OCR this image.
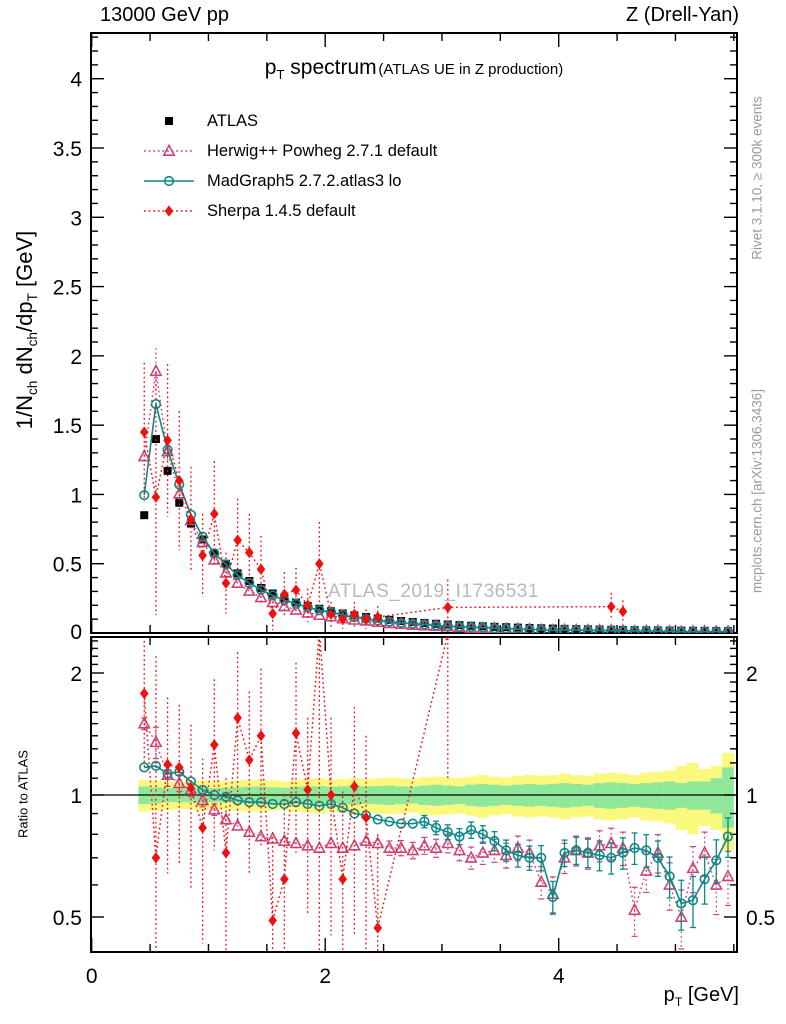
0.5
1
1.5
2
2.5
3
3.5
4
0
2	2
1	1
0.5	0.5
0	2	4
13000 GeV pp	Z (Drell-Yan)
$p_T$ spectrum  (ATLAS UE in Z production)
ATLAS
Herwig++ Powheg 2.7.1 default
MadGraph5 2.7.2.atlas3 lo
Sherpa 1.4.5 default
$1/N_{ch}$ $dN_{ch}/dp_T$ [GeV]
Ratio to ATLAS
Rivet 3.1.10, ≥ 300k events
mcplots.cern.ch [arXiv:1306.3436]
$p_T$ [GeV]
ATLAS_2019_I1736531
